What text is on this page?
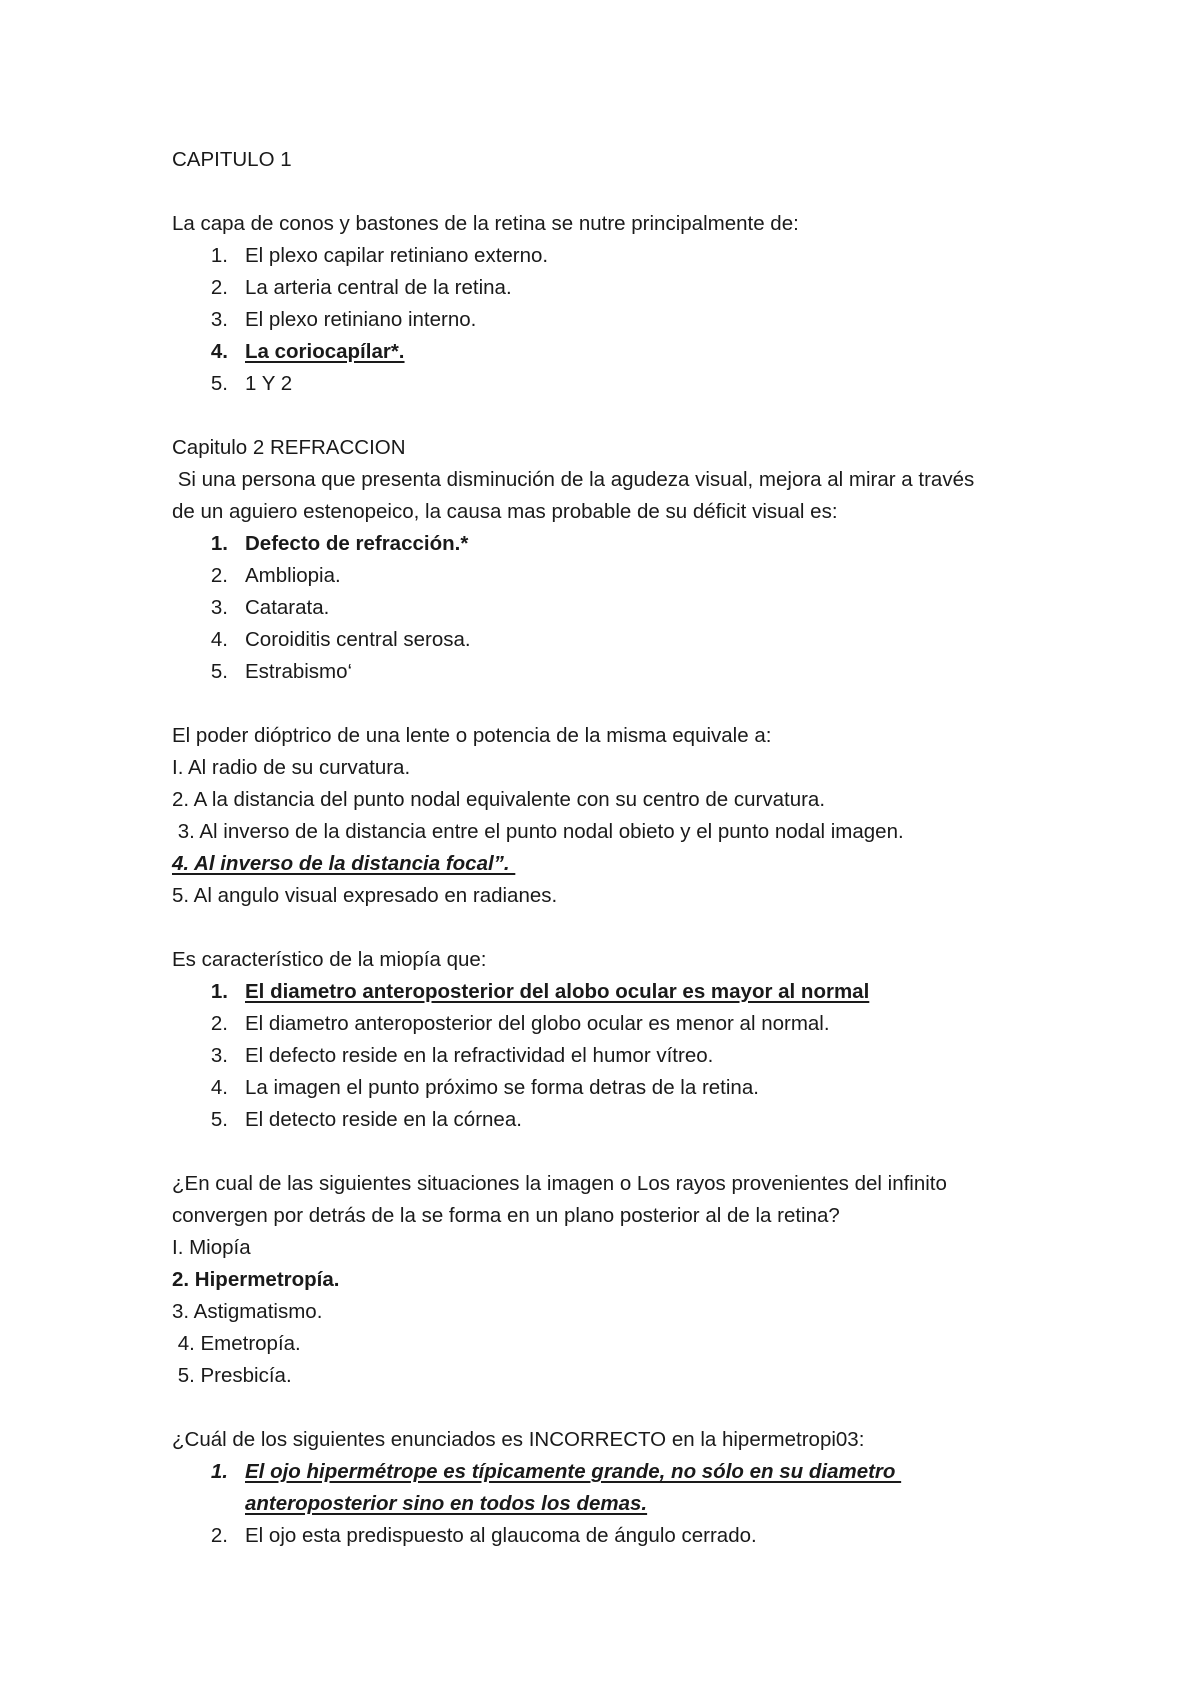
CAPITULO 1
La capa de conos y bastones de la retina se nutre principalmente de:
1. El plexo capilar retiniano externo.
2. La arteria central de la retina.
3. El plexo retiniano interno.
4. La coriocapílar*.
5. 1 Y 2
Capitulo 2 REFRACCION
Si una persona que presenta disminución de la agudeza visual, mejora al mirar a través
de un aguiero estenopeico, la causa mas probable de su déficit visual es:
1. Defecto de refracción.*
2. Ambliopia.
3. Catarata.
4. Coroiditis central serosa.
5. Estrabismo‘
El poder dióptrico de una lente o potencia de la misma equivale a:
I. Al radio de su curvatura.
2. A la distancia del punto nodal equivalente con su centro de curvatura.
3. Al inverso de la distancia entre el punto nodal obieto y el punto nodal imagen.
4. Al inverso de la distancia focal”.
5. Al angulo visual expresado en radianes.
Es característico de la miopía que:
1. El diametro anteroposterior del alobo ocular es mayor al normal
2. El diametro anteroposterior del globo ocular es menor al normal.
3. El defecto reside en la refractividad el humor vítreo.
4. La imagen el punto próximo se forma detras de la retina.
5. El detecto reside en la córnea.
¿En cual de las siguientes situaciones la imagen o Los rayos provenientes del infinito
convergen por detrás de la se forma en un plano posterior al de la retina?
I. Miopía
2. Hipermetropía.
3. Astigmatismo.
4. Emetropía.
5. Presbicía.
¿Cuál de los siguientes enunciados es INCORRECTO en la hipermetropi03:
1. El ojo hipermétrope es típicamente grande, no sólo en su diametro
anteroposterior sino en todos los demas.
2. El ojo esta predispuesto al glaucoma de ángulo cerrado.
